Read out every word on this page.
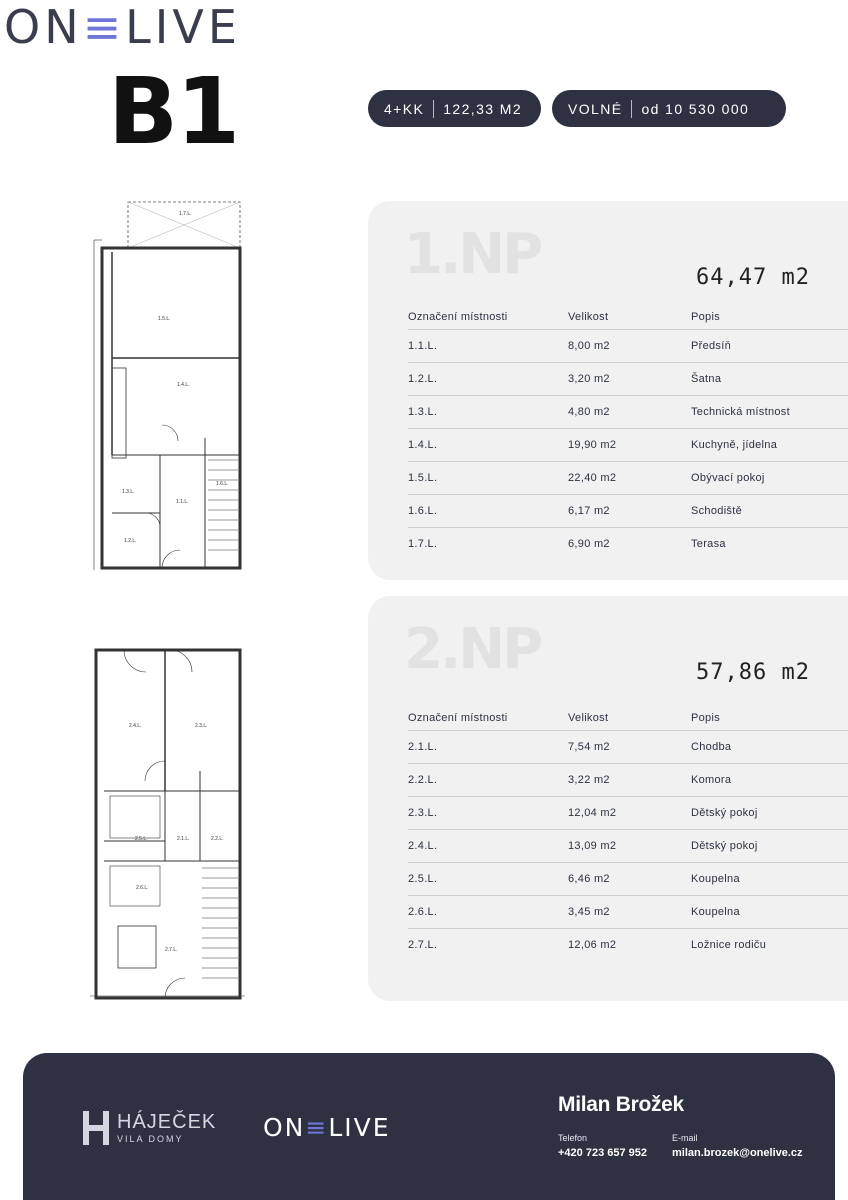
ON≡LIVE
B1	4+KK 122,33 M2	VOLNÉ od 10 530 000
1.7.L.
1.5.L.
1.4.L.
1.3.L.
1.1.L.
1.6.L.
1.2.L.
2.4.L.	2.3.L.
2.5.L.	2.1.L.	2.2.L.
2.6.L.
2.7.L.
1.NP	64,47 m2
Označení místnosti	Velikost	Popis
1.1.L.	8,00 m2	Předsíň
1.2.L.	3,20 m2	Šatna
1.3.L.	4,80 m2	Technická místnost
1.4.L.	19,90 m2	Kuchyně, jídelna
1.5.L.	22,40 m2	Obývací pokoj
1.6.L.	6,17 m2	Schodiště
1.7.L.	6,90 m2	Terasa
2.NP	57,86 m2
Označení místnosti	Velikost	Popis
2.1.L.	7,54 m2	Chodba
2.2.L.	3,22 m2	Komora
2.3.L.	12,04 m2	Dětský pokoj
2.4.L.	13,09 m2	Dětský pokoj
2.5.L.	6,46 m2	Koupelna
2.6.L.	3,45 m2	Koupelna
2.7.L.	12,06 m2	Ložnice rodiču
HÁJEČEK
VILA DOMY	ON≡LIVE
Milan Brožek
Telefon
+420 723 657 952
E-mail
milan.brozek@onelive.cz
